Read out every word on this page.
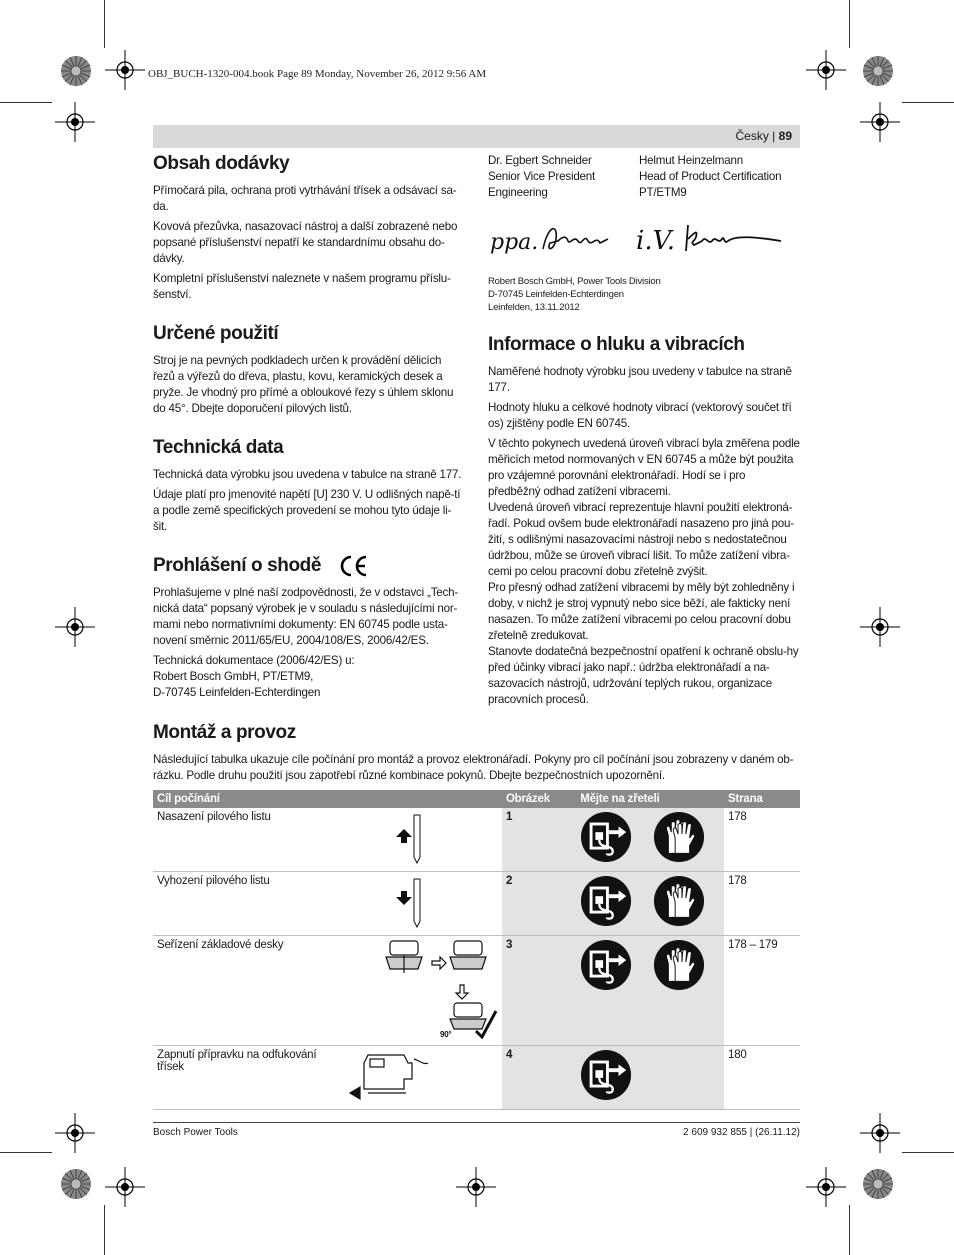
OBJ_BUCH-1320-004.book Page 89 Monday, November 26, 2012 9:56 AM
Česky | 89
Obsah dodávky

Přímočará pila, ochrana proti vytrhávání třísek a odsávací sa-da.

Kovová přezůvka, nasazovací nástroj a další zobrazené nebo popsané příslušenství nepatří ke standardnímu obsahu do-dávky.

Kompletní příslušenství naleznete v našem programu příslu-šenství.

Určené použití

Stroj je na pevných podkladech určen k provádění dělicích řezů a výřezů do dřeva, plastu, kovu, keramických desek a pryže. Je vhodný pro přímé a obloukové řezy s úhlem sklonu do 45°. Dbejte doporučení pilových listů.

Technická data

Technická data výrobku jsou uvedena v tabulce na straně 177.

Údaje platí pro jmenovité napětí [U] 230 V. U odlišných napě-tí a podle země specifických provedení se mohou tyto údaje li-šit.

Prohlášení o shodě

Prohlašujeme v plné naší zodpovědnosti, že v odstavci „Tech-nická data“ popsaný výrobek je v souladu s následujícími nor-mami nebo normativními dokumenty: EN 60745 podle usta-novení směrnic 2011/65/EU, 2004/108/ES, 2006/42/ES.

Technická dokumentace (2006/42/ES) u:

Robert Bosch GmbH, PT/ETM9,

D-70745 Leinfelden-Echterdingen

Dr. Egbert Schneider	Helmut Heinzelmann
Senior Vice President	Head of Product Certification
Engineering	PT/ETM9
ppa.	i.V.

Robert Bosch GmbH, Power Tools Division

D-70745 Leinfelden-Echterdingen

Leinfelden, 13.11.2012

Informace o hluku a vibracích

Naměřené hodnoty výrobku jsou uvedeny v tabulce na straně 177.

Hodnoty hluku a celkové hodnoty vibrací (vektorový součet tří os) zjištěny podle EN 60745.

V těchto pokynech uvedená úroveň vibrací byla změřena podle měřicích metod normovaných v EN 60745 a může být použita pro vzájemné porovnání elektronářadí. Hodí se i pro předběžný odhad zatížení vibracemi.

Uvedená úroveň vibrací reprezentuje hlavní použití elektroná-řadí. Pokud ovšem bude elektronářadí nasazeno pro jiná pou-žití, s odlišnými nasazovacími nástroji nebo s nedostatečnou údržbou, může se úroveň vibrací lišit. To může zatížení vibra-cemi po celou pracovní dobu zřetelně zvýšit.

Pro přesný odhad zatížení vibracemi by měly být zohledněny i doby, v nichž je stroj vypnutý nebo sice běží, ale fakticky není nasazen. To může zatížení vibracemi po celou pracovní dobu zřetelně zredukovat.

Stanovte dodatečná bezpečnostní opatření k ochraně obslu-hy před účinky vibrací jako např.: údržba elektronářadí a na-sazovacích nástrojů, udržování teplých rukou, organizace pracovních procesů.

Montáž a provoz

Následující tabulka ukazuje cíle počínání pro montáž a provoz elektronářadí. Pokyny pro cíl počínání jsou zobrazeny v daném ob-rázku. Podle druhu použití jsou zapotřebí různé kombinace pokynů. Dbejte bezpečnostních upozornění.

Cíl počínání		Obrázek	Mějte na zřeteli	Strana
Nasazení pilového listu		1		178
Vyhození pilového listu		2		178
Seřízení základové desky	90°	3		178 – 179
Zapnutí přípravku na odfukování třísek		4		180
Bosch Power Tools	2 609 932 855 | (26.11.12)
